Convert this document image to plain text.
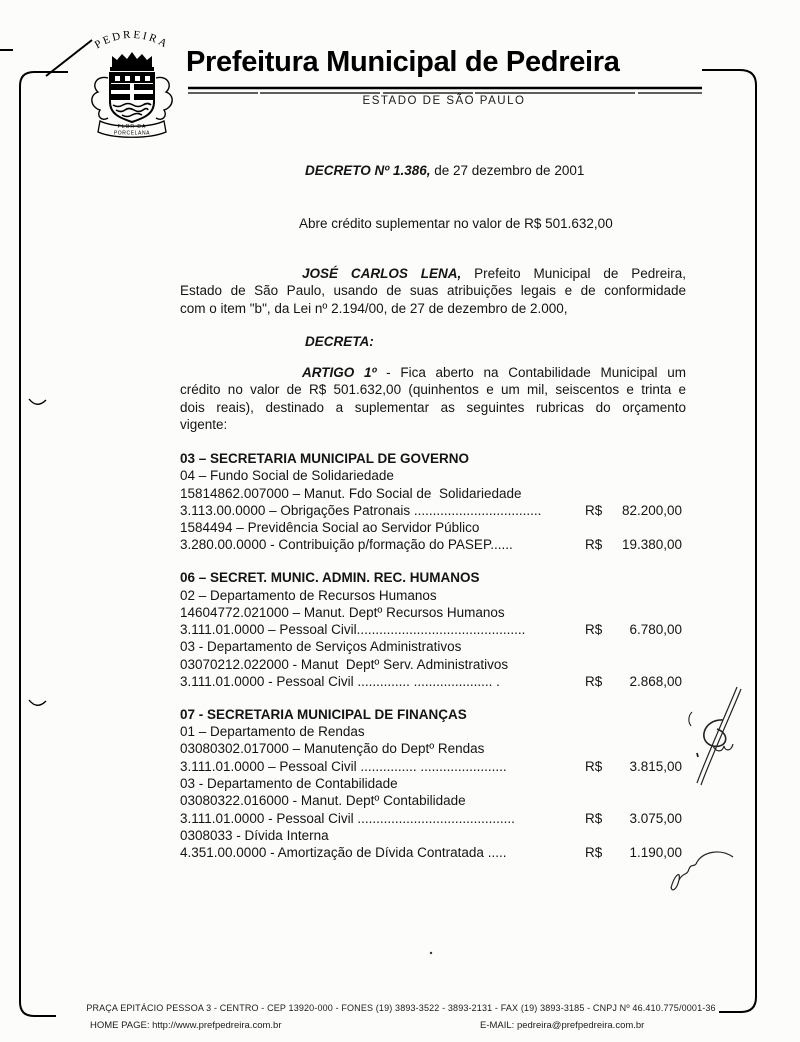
PEDREIRA
FLOR DA
PORCELANA
Prefeitura Municipal de Pedreira
ESTADO DE SÃO PAULO
DECRETO Nº 1.386, de 27 dezembro de 2001
Abre crédito suplementar no valor de R$ 501.632,00
JOSÉ CARLOS LENA, Prefeito Municipal de Pedreira,
Estado de São Paulo, usando de suas atribuições legais e de conformidade
com o item "b", da Lei nº 2.194/00, de 27 de dezembro de 2.000,
DECRETA:
ARTIGO 1º - Fica aberto na Contabilidade Municipal um
crédito no valor de R$ 501.632,00 (quinhentos e um mil, seiscentos e trinta e
dois reais), destinado a suplementar as seguintes rubricas do orçamento
vigente:
03 – SECRETARIA MUNICIPAL DE GOVERNO
04 – Fundo Social de Solidariedade
15814862.007000 – Manut. Fdo Social de  Solidariedade
3.113.00.0000 – Obrigações Patronais ..................................	R$ 82.200,00
1584494 – Previdência Social ao Servidor Público
3.280.00.0000 - Contribuição p/formação do PASEP......	R$ 19.380,00
06 – SECRET. MUNIC. ADMIN. REC. HUMANOS
02 – Departamento de Recursos Humanos
14604772.021000 – Manut. Deptº Recursos Humanos
3.111.01.0000 – Pessoal Civil.............................................	R$ 6.780,00
03 - Departamento de Serviços Administrativos
03070212.022000 - Manut  Deptº Serv. Administrativos
3.111.01.0000 - Pessoal Civil .............. ..................... .	R$ 2.868,00
07 - SECRETARIA MUNICIPAL DE FINANÇAS
01 – Departamento de Rendas
03080302.017000 – Manutenção do Deptº Rendas
3.111.01.0000 – Pessoal Civil ............... .......................	R$ 3.815,00
03 - Departamento de Contabilidade
03080322.016000 - Manut. Deptº Contabilidade
3.111.01.0000 - Pessoal Civil ..........................................	R$ 3.075,00
0308033 - Dívida Interna
4.351.00.0000 - Amortização de Dívida Contratada .....	R$ 1.190,00
PRAÇA EPITÁCIO PESSOA 3 - CENTRO - CEP 13920-000 - FONES (19) 3893-3522 - 3893-2131 - FAX (19) 3893-3185 - CNPJ Nº 46.410.775/0001-36
HOME PAGE: http://www.prefpedreira.com.br	E-MAIL: pedreira@prefpedreira.com.br
